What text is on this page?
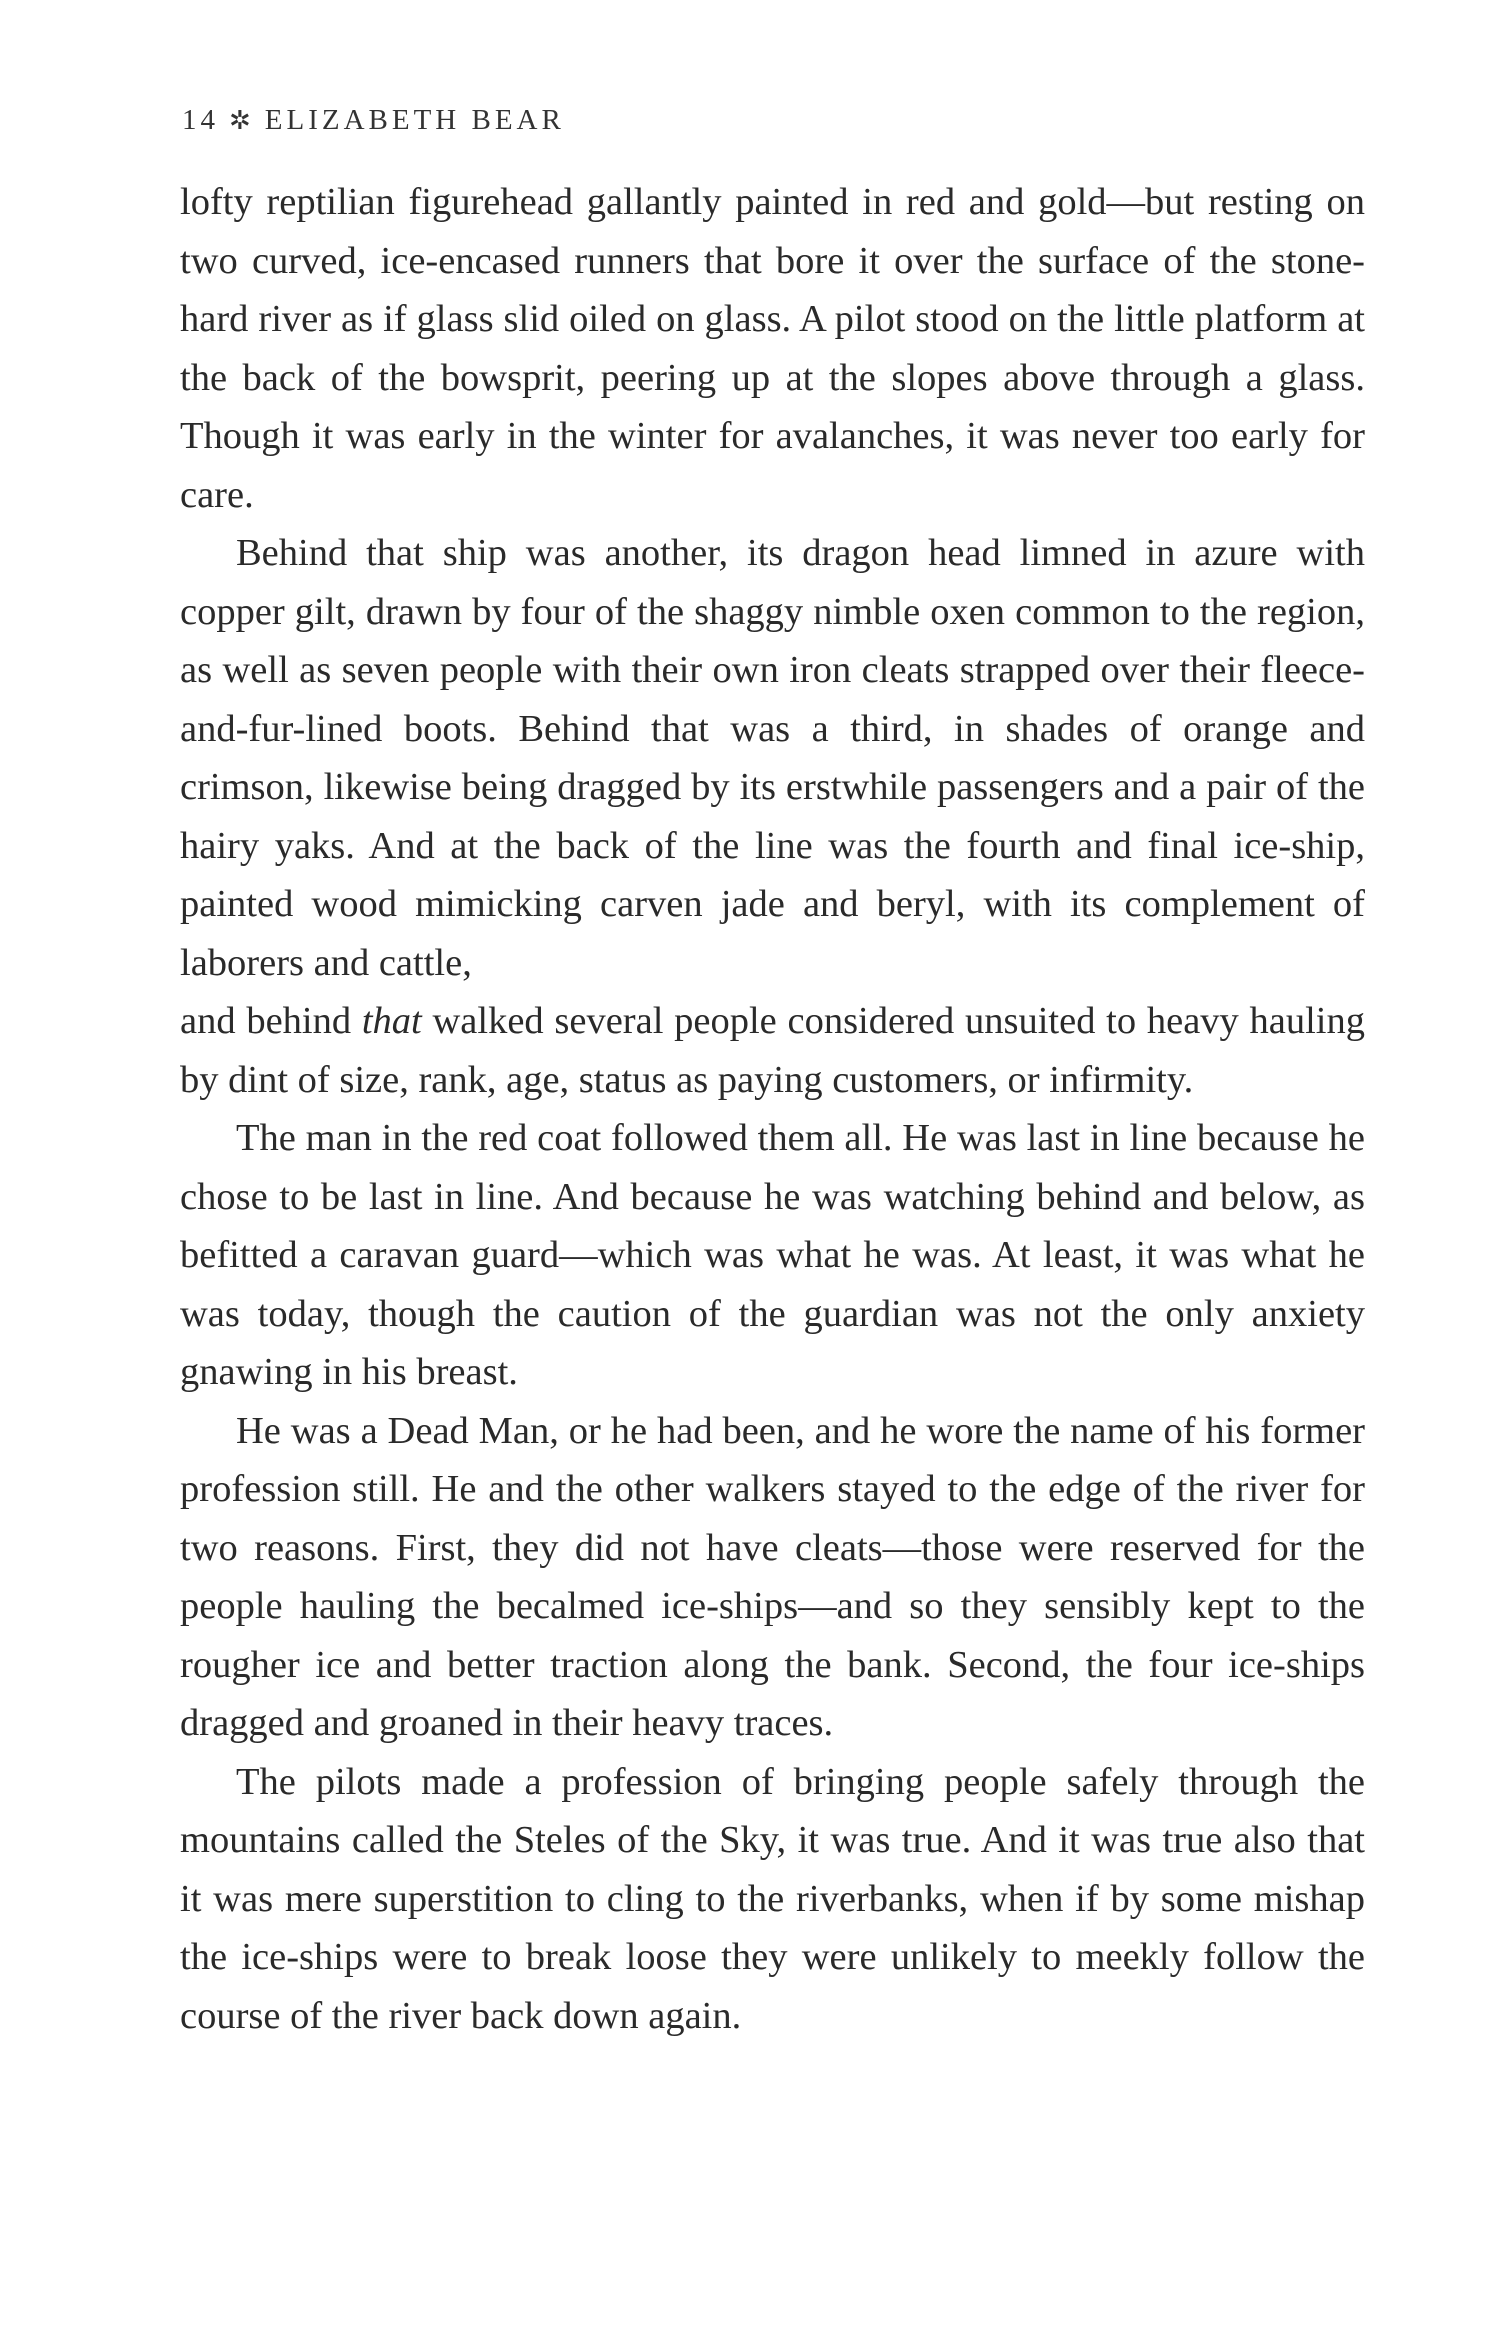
14 ✲ ELIZABETH BEAR

lofty reptilian figurehead gallantly painted in red and gold—but resting on two curved, ice-encased runners that bore it over the surface of the stone-hard river as if glass slid oiled on glass. A pilot stood on the little platform at the back of the bowsprit, peering up at the slopes above through a glass. Though it was early in the winter for avalanches, it was never too early for care.

Behind that ship was another, its dragon head limned in azure with copper gilt, drawn by four of the shaggy nimble oxen common to the region, as well as seven people with their own iron cleats strapped over their fleece-and-fur-lined boots. Behind that was a third, in shades of orange and crimson, likewise being dragged by its erstwhile passengers and a pair of the hairy yaks. And at the back of the line was the fourth and final ice-ship, painted wood mimicking carven jade and beryl, with its complement of laborers and cattle,

and behind that walked several people considered unsuited to heavy hauling by dint of size, rank, age, status as paying customers, or infirmity.

The man in the red coat followed them all. He was last in line because he chose to be last in line. And because he was watching behind and below, as befitted a caravan guard—which was what he was. At least, it was what he was today, though the caution of the guardian was not the only anxiety gnawing in his breast.

He was a Dead Man, or he had been, and he wore the name of his former profession still. He and the other walkers stayed to the edge of the river for two reasons. First, they did not have cleats—those were reserved for the people hauling the becalmed ice-ships—and so they sensibly kept to the rougher ice and better traction along the bank. Second, the four ice-ships dragged and groaned in their heavy traces.

The pilots made a profession of bringing people safely through the mountains called the Steles of the Sky, it was true. And it was true also that it was mere superstition to cling to the riverbanks, when if by some mishap the ice-ships were to break loose they were unlikely to meekly follow the course of the river back down again.
